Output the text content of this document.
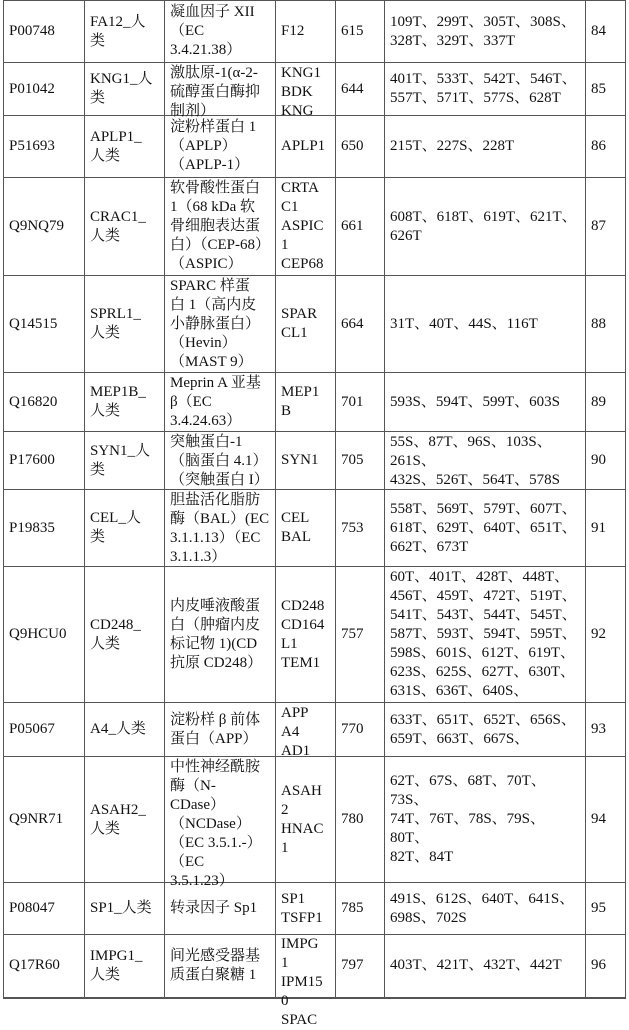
P00748

FA12_人
类

凝血因子 XII
（EC
3.4.21.38）

F12	615

109T、299T、305T、308S、
328T、329T、337T

84

P01042

KNG1_人
类

激肽原-1(α-2-
硫醇蛋白酶抑
制剂）

KNG1
BDK
KNG

644

401T、533T、542T、546T、
557T、571T、577S、628T

85

P51693

APLP1_
人类

淀粉样蛋白 1
（APLP）
（APLP-1）

APLP1	650	215T、227S、228T	86

Q9NQ79

CRAC1_
人类

软骨酸性蛋白
1（68 kDa 软
骨细胞表达蛋
白）（CEP-68）
（ASPIC）

CRTA
C1
ASPIC
1
CEP68

661

608T、618T、619T、621T、
626T

87

Q14515

SPRL1_
人类

SPARC 样蛋
白 1（高内皮
小静脉蛋白）
（Hevin）
（MAST 9）

SPAR
CL1

664	31T、40T、44S、116T	88

Q16820

MEP1B_
人类

Meprin A 亚基
β（EC
3.4.24.63）

MEP1
B

701	593S、594T、599T、603S	89

P17600

SYN1_人
类

突触蛋白-1
（脑蛋白 4.1）
（突触蛋白 I）

SYN1	705

55S、87T、96S、103S、261S、
432S、526T、564T、578S

90

P19835

CEL_人
类

胆盐活化脂肪
酶（BAL）(EC
3.1.1.13）（EC
3.1.1.3）

CEL
BAL

753

558T、569T、579T、607T、
618T、629T、640T、651T、
662T、673T

91

Q9HCU0

CD248_
人类

内皮唾液酸蛋
白（肿瘤内皮
标记物 1)(CD
抗原 CD248）

CD248
CD164
L1
TEM1

757

60T、401T、428T、448T、
456T、459T、472T、519T、
541T、543T、544T、545T、
587T、593T、594T、595T、
598S、601S、612T、619T、
623S、625S、627T、630T、
631S、636T、640S、

92

P05067	A4_人类

淀粉样 β 前体
蛋白（APP）

APP
A4
AD1

770

633T、651T、652T、656S、
659T、663T、667S、

93

Q9NR71

ASAH2_
人类

中性神经酰胺
酶（N-CDase）
（NCDase）
（EC 3.5.1.-）
（EC
3.5.1.23）

ASAH
2
HNAC
1

780

62T、67S、68T、70T、73S、
74T、76T、78S、79S、80T、
82T、84T

94

P08047	SP1_人类	转录因子 Sp1

SP1
TSFP1

785

491S、612S、640T、641S、
698S、702S

95

Q17R60

IMPG1_
人类

间光感受器基
质蛋白聚糖 1

IMPG
1
IPM15
0
SPAC

797	403T、421T、432T、442T	96
